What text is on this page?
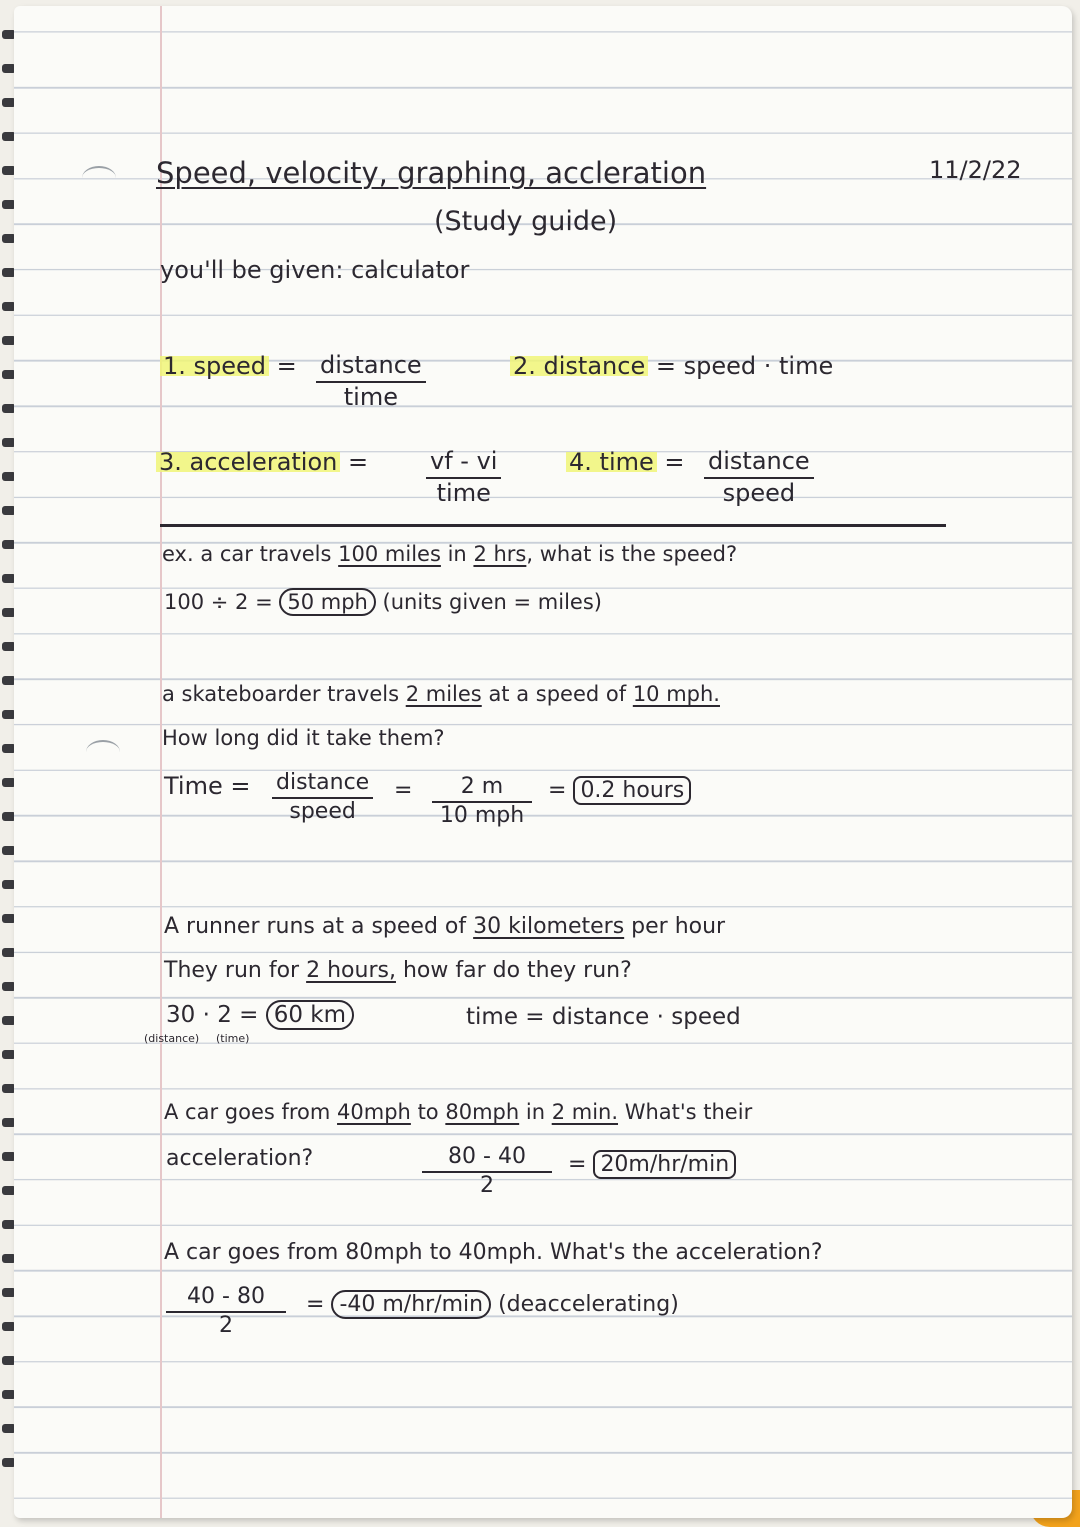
Speed, velocity, graphing, accleration	11/2/22
(Study guide)
you'll be given: calculator
1. speed = distance
time
2. distance = speed · time
3. acceleration =	vf - vi
time
4. time = distance
speed
ex. a car travels 100 miles in 2 hrs, what is the speed?
100 ÷ 2 = 50 mph (units given = miles)
a skateboarder travels 2 miles at a speed of 10 mph.
How long did it take them?
Time = distance
speed
=	2 m
10 mph
= 0.2 hours
A runner runs at a speed of 30 kilometers per hour
They run for 2 hours, how far do they run?
30 · 2 = 60 km
(distance) (time)
time = distance · speed
A car goes from 40mph to 80mph in 2 min. What's their
acceleration?	$\frac{80 - 40}{2} = 20m/hr/\min$
A car goes from 80mph to 40mph. What's the acceleration?
$\frac{40 - 80}{2} = -40$ m/hr/min (deaccelerating)
